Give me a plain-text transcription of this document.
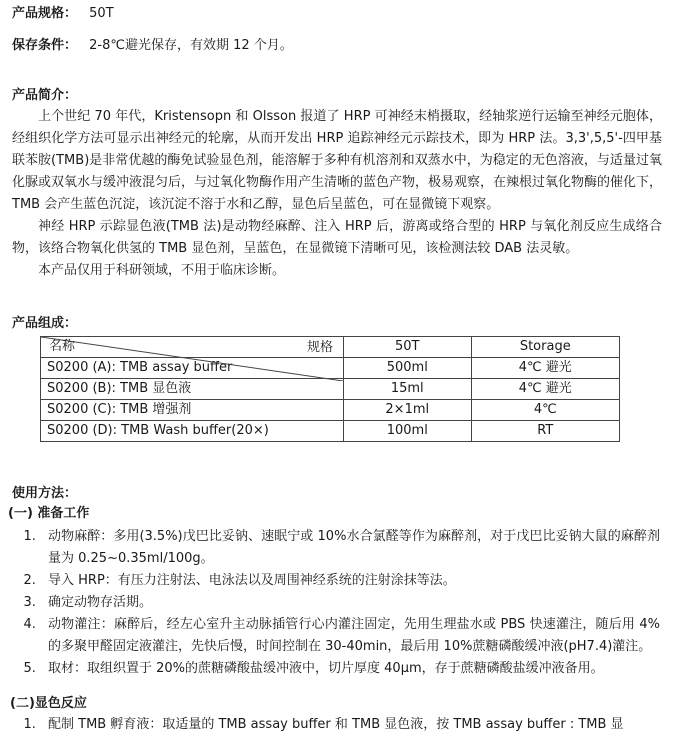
产品规格： 50T
保存条件： 2-8℃避光保存，有效期 12 个月。
产品简介：

上个世纪 70 年代，Kristensopn 和 Olsson 报道了 HRP 可神经末梢摄取，经轴浆逆行运输至神经元胞体，经组织化学方法可显示出神经元的轮廓，从而开发出 HRP 追踪神经元示踪技术，即为 HRP 法。3,3',5,5'-四甲基联苯胺(TMB)是非常优越的酶免试验显色剂，能溶解于多种有机溶剂和双蒸水中，为稳定的无色溶液，与适量过氧化脲或双氧水与缓冲液混匀后，与过氧化物酶作用产生清晰的蓝色产物，极易观察，在辣根过氧化物酶的催化下，TMB 会产生蓝色沉淀，该沉淀不溶于水和乙醇，显色后呈蓝色，可在显微镜下观察。

神经 HRP 示踪显色液(TMB 法)是动物经麻醉、注入 HRP 后，游离或络合型的 HRP 与氧化剂反应生成络合物，该络合物氧化供氢的 TMB 显色剂，呈蓝色，在显微镜下清晰可见，该检测法较 DAB 法灵敏。

本产品仅用于科研领域，不用于临床诊断。

产品组成：
规格
名称	50T	Storage
S0200 (A): TMB assay buffer	500ml	4℃ 避光
S0200 (B): TMB 显色液	15ml	4℃ 避光
S0200 (C): TMB 增强剂	2×1ml	4℃
S0200 (D): TMB Wash buffer(20×)	100ml	RT
使用方法：
(一) 准备工作
1. 动物麻醉：多用(3.5%)戊巴比妥钠、速眠宁或 10%水合氯醛等作为麻醉剂，对于戊巴比妥钠大鼠的麻醉剂量为 0.25~0.35ml/100g。
2. 导入 HRP：有压力注射法、电泳法以及周围神经系统的注射涂抹等法。
3. 确定动物存活期。
4. 动物灌注：麻醉后，经左心室升主动脉插管行心内灌注固定，先用生理盐水或 PBS 快速灌注，随后用 4%的多聚甲醛固定液灌注，先快后慢，时间控制在 30-40min，最后用 10%蔗糖磷酸缓冲液(pH7.4)灌注。
5. 取材：取组织置于 20%的蔗糖磷酸盐缓冲液中，切片厚度 40μm，存于蔗糖磷酸盐缓冲液备用。
(二)显色反应
1. 配制 TMB 孵育液：取适量的 TMB assay buffer 和 TMB 显色液，按 TMB assay buffer : TMB 显
